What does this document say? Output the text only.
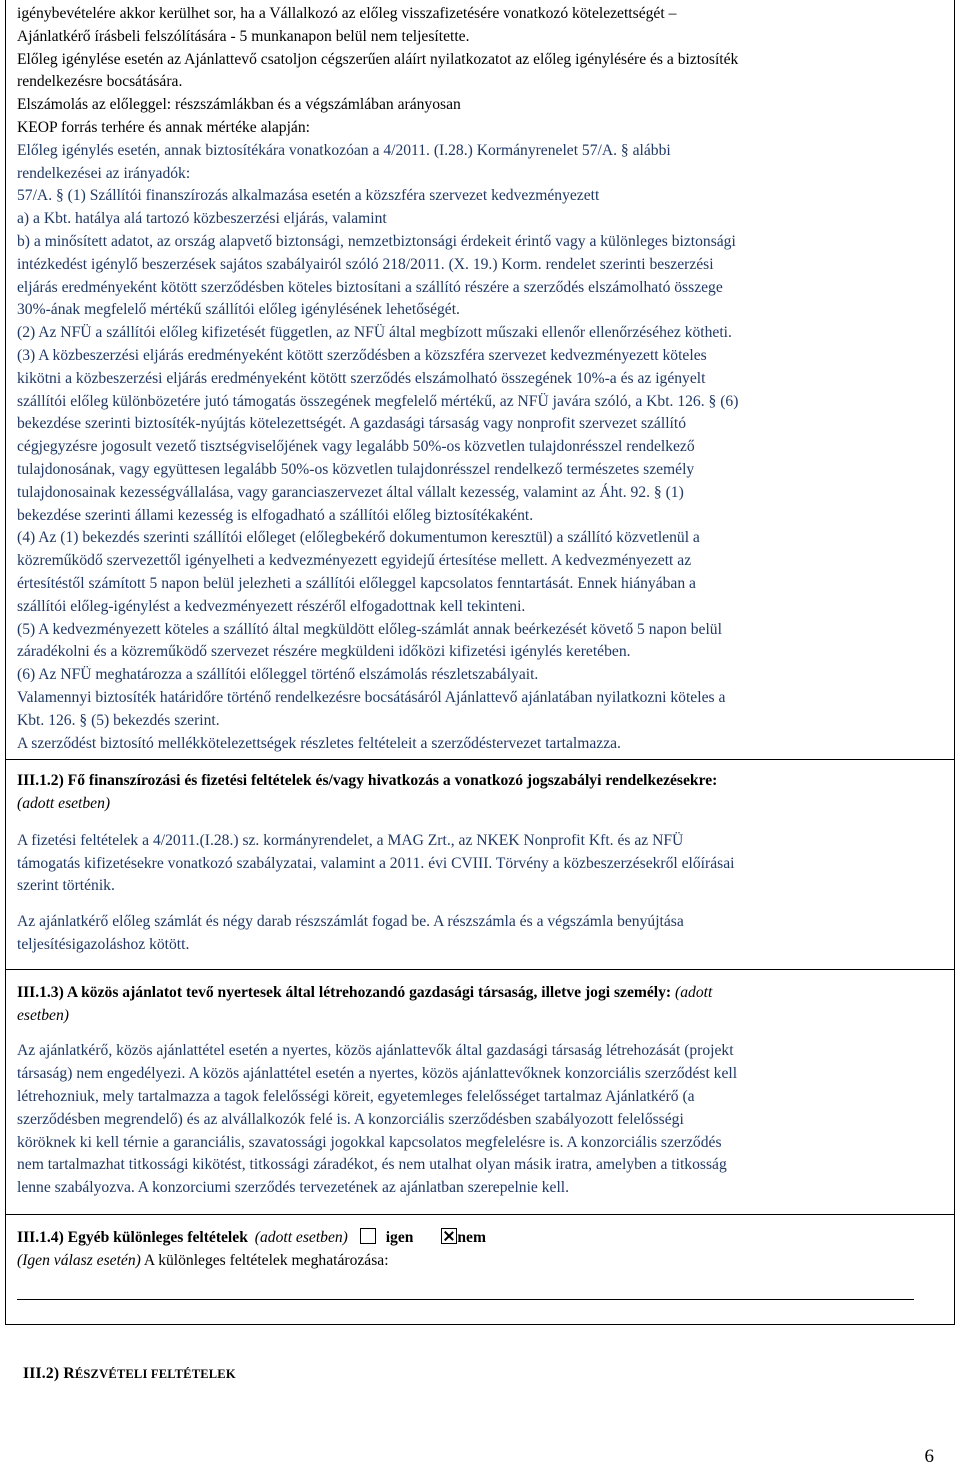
igénybevételére akkor kerülhet sor, ha a Vállalkozó az előleg visszafizetésére vonatkozó kötelezettségét –

Ajánlatkérő írásbeli felszólítására - 5 munkanapon belül nem teljesítette.

Előleg igénylése esetén az Ajánlattevő csatoljon cégszerűen aláírt nyilatkozatot az előleg igénylésére és a biztosíték

rendelkezésre bocsátására.

Elszámolás az előleggel: részszámlákban és a végszámlában arányosan

KEOP forrás terhére és annak mértéke alapján:

Előleg igénylés esetén, annak biztosítékára vonatkozóan a 4/2011. (I.28.) Kormányrenelet 57/A. § alábbi

rendelkezései az irányadók:

57/A. § (1) Szállítói finanszírozás alkalmazása esetén a közszféra szervezet kedvezményezett

a) a Kbt. hatálya alá tartozó közbeszerzési eljárás, valamint

b) a minősített adatot, az ország alapvető biztonsági, nemzetbiztonsági érdekeit érintő vagy a különleges biztonsági

intézkedést igénylő beszerzések sajátos szabályairól szóló 218/2011. (X. 19.) Korm. rendelet szerinti beszerzési

eljárás eredményeként kötött szerződésben köteles biztosítani a szállító részére a szerződés elszámolható összege

30%-ának megfelelő mértékű szállítói előleg igénylésének lehetőségét.

(2) Az NFÜ a szállítói előleg kifizetését független, az NFÜ által megbízott műszaki ellenőr ellenőrzéséhez kötheti.

(3) A közbeszerzési eljárás eredményeként kötött szerződésben a közszféra szervezet kedvezményezett köteles

kikötni a közbeszerzési eljárás eredményeként kötött szerződés elszámolható összegének 10%-a és az igényelt

szállítói előleg különbözetére jutó támogatás összegének megfelelő mértékű, az NFÜ javára szóló, a Kbt. 126. § (6)

bekezdése szerinti biztosíték-nyújtás kötelezettségét. A gazdasági társaság vagy nonprofit szervezet szállító

cégjegyzésre jogosult vezető tisztségviselőjének vagy legalább 50%-os közvetlen tulajdonrésszel rendelkező

tulajdonosának, vagy együttesen legalább 50%-os közvetlen tulajdonrésszel rendelkező természetes személy

tulajdonosainak kezességvállalása, vagy garanciaszervezet által vállalt kezesség, valamint az Áht. 92. § (1)

bekezdése szerinti állami kezesség is elfogadható a szállítói előleg biztosítékaként.

(4) Az (1) bekezdés szerinti szállítói előleget (előlegbekérő dokumentumon keresztül) a szállító közvetlenül a

közreműködő szervezettől igényelheti a kedvezményezett egyidejű értesítése mellett. A kedvezményezett az

értesítéstől számított 5 napon belül jelezheti a szállítói előleggel kapcsolatos fenntartását. Ennek hiányában a

szállítói előleg-igénylést a kedvezményezett részéről elfogadottnak kell tekinteni.

(5) A kedvezményezett köteles a szállító által megküldött előleg-számlát annak beérkezését követő 5 napon belül

záradékolni és a közreműködő szervezet részére megküldeni időközi kifizetési igénylés keretében.

(6) Az NFÜ meghatározza a szállítói előleggel történő elszámolás részletszabályait.

Valamennyi biztosíték határidőre történő rendelkezésre bocsátásáról Ajánlattevő ajánlatában nyilatkozni köteles a

Kbt. 126. § (5) bekezdés szerint.

A szerződést biztosító mellékkötelezettségek részletes feltételeit a szerződéstervezet tartalmazza.

III.1.2) Fő finanszírozási és fizetési feltételek és/vagy hivatkozás a vonatkozó jogszabályi rendelkezésekre:

(adott esetben)

A fizetési feltételek a 4/2011.(I.28.) sz. kormányrendelet, a MAG Zrt., az NKEK Nonprofit Kft. és az NFÜ

támogatás kifizetésekre vonatkozó szabályzatai, valamint a 2011. évi CVIII. Törvény a közbeszerzésekről előírásai

szerint történik.

Az ajánlatkérő előleg számlát és négy darab részszámlát fogad be. A részszámla és a végszámla benyújtása

teljesítésigazoláshoz kötött.

III.1.3) A közös ajánlatot tevő nyertesek által létrehozandó gazdasági társaság, illetve jogi személy: (adott

esetben)

Az ajánlatkérő, közös ajánlattétel esetén a nyertes, közös ajánlattevők által gazdasági társaság létrehozását (projekt

társaság) nem engedélyezi. A közös ajánlattétel esetén a nyertes, közös ajánlattevőknek konzorciális szerződést kell

létrehozniuk, mely tartalmazza a tagok felelősségi köreit, egyetemleges felelősséget tartalmaz Ajánlatkérő (a

szerződésben megrendelő) és az alvállalkozók felé is. A konzorciális szerződésben szabályozott felelősségi

köröknek ki kell térnie a garanciális, szavatossági jogokkal kapcsolatos megfelelésre is. A konzorciális szerződés

nem tartalmazhat titkossági kikötést, titkossági záradékot, és nem utalhat olyan másik iratra, amelyben a titkosság

lenne szabályozva. A konzorciumi szerződés tervezetének az ajánlatban szerepelnie kell.

III.1.4) Egyéb különleges feltételek (adott esetben) igen	nem

(Igen válasz esetén) A különleges feltételek meghatározása:

III.2) RÉSZVÉTELI FELTÉTELEK
6
